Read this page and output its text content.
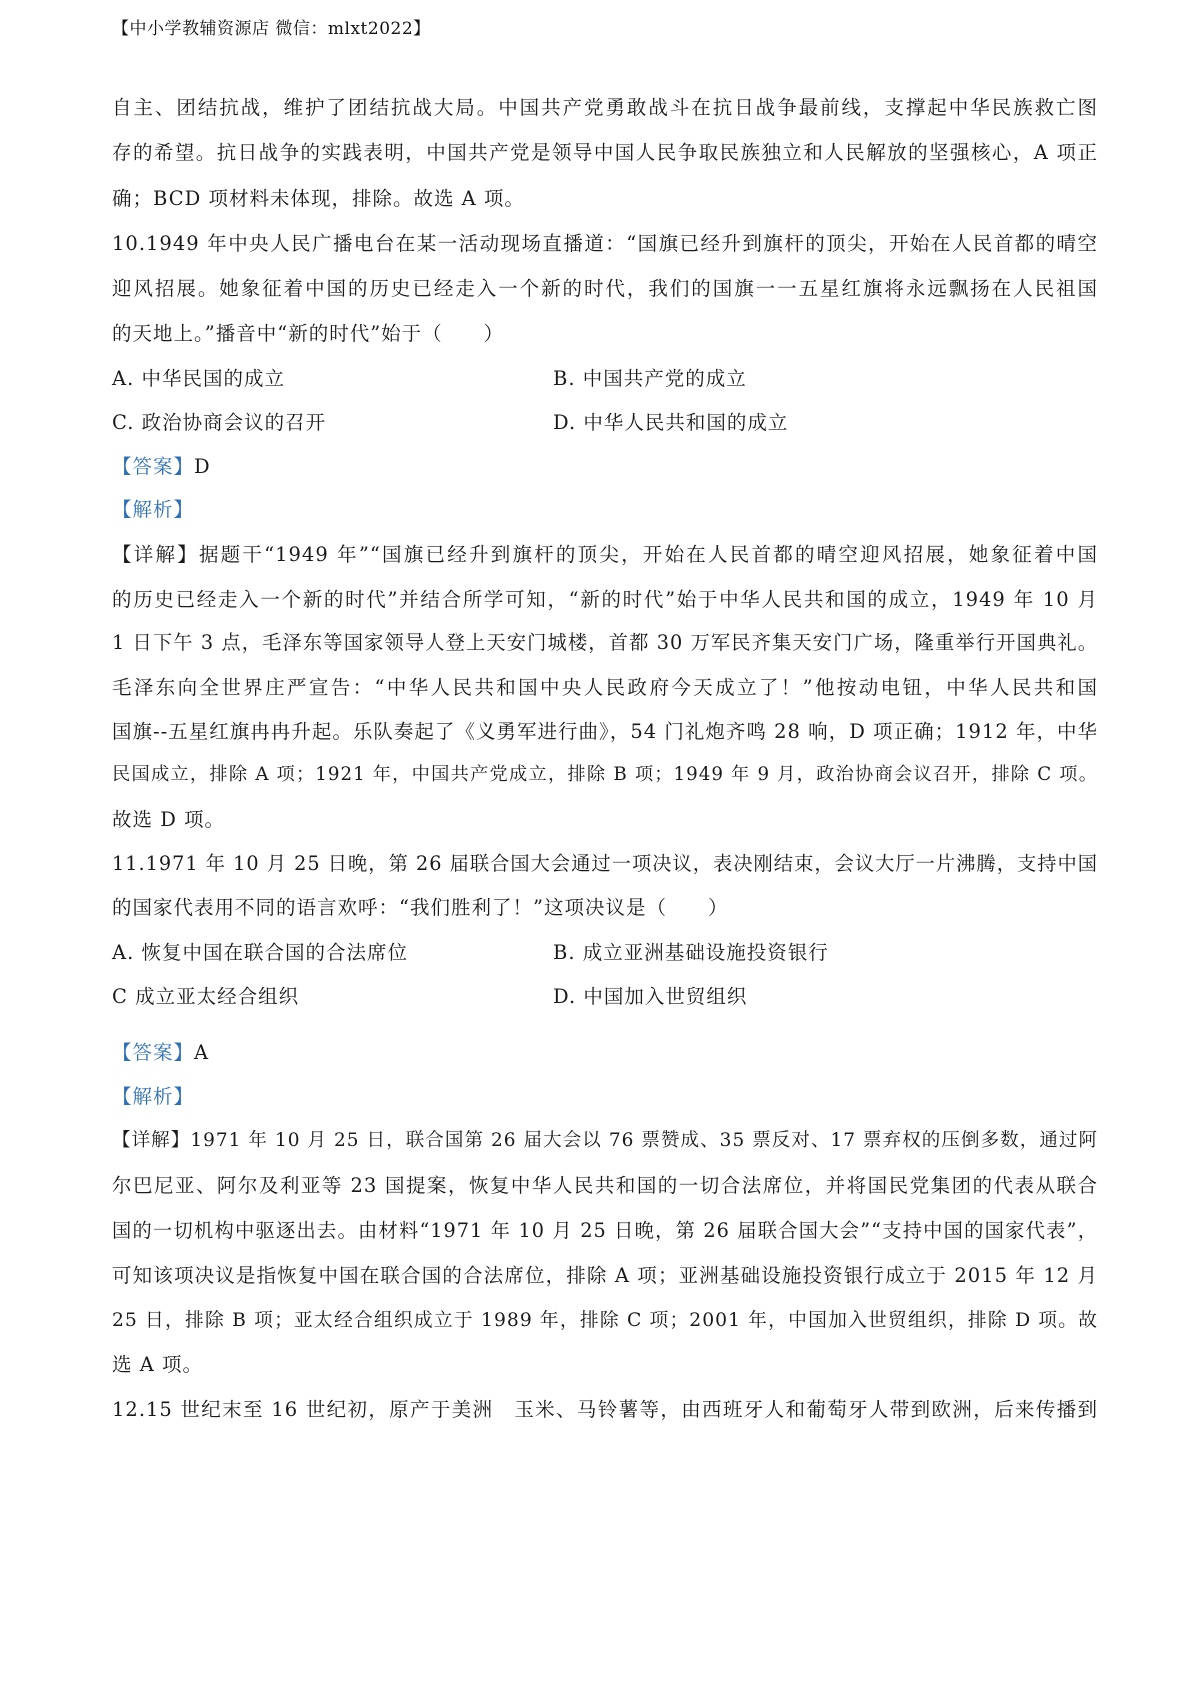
【中小学教辅资源店 微信：mlxt2022】
自主、团结抗战，维护了团结抗战大局。中国共产党勇敢战斗在抗日战争最前线，支撑起中华民族救亡图
存的希望。抗日战争的实践表明，中国共产党是领导中国人民争取民族独立和人民解放的坚强核心，A 项正
确；BCD 项材料未体现，排除。故选 A 项。
10.1949 年中央人民广播电台在某一活动现场直播道：“国旗已经升到旗杆的顶尖，开始在人民首都的晴空
迎风招展。她象征着中国的历史已经走入一个新的时代，我们的国旗一一五星红旗将永远飘扬在人民祖国
的天地上。”播音中“新的时代”始于（　　）
A. 中华民国的成立	B. 中国共产党的成立
C. 政治协商会议的召开	D. 中华人民共和国的成立
【答案】D
【解析】
【详解】据题干“1949 年”“国旗已经升到旗杆的顶尖，开始在人民首都的晴空迎风招展，她象征着中国
的历史已经走入一个新的时代”并结合所学可知，“新的时代”始于中华人民共和国的成立，1949 年 10 月
1 日下午 3 点，毛泽东等国家领导人登上天安门城楼，首都 30 万军民齐集天安门广场，隆重举行开国典礼。
毛泽东向全世界庄严宣告：“中华人民共和国中央人民政府今天成立了！”他按动电钮，中华人民共和国
国旗--五星红旗冉冉升起。乐队奏起了《义勇军进行曲》，54 门礼炮齐鸣 28 响，D 项正确；1912 年，中华
民国成立，排除 A 项；1921 年，中国共产党成立，排除 B 项；1949 年 9 月，政治协商会议召开，排除 C 项。
故选 D 项。
11.1971 年 10 月 25 日晚，第 26 届联合国大会通过一项决议，表决刚结束，会议大厅一片沸腾，支持中国
的国家代表用不同的语言欢呼：“我们胜利了！”这项决议是（　　）
A. 恢复中国在联合国的合法席位	B. 成立亚洲基础设施投资银行
C 成立亚太经合组织	D. 中国加入世贸组织
【答案】A
【解析】
【详解】1971 年 10 月 25 日，联合国第 26 届大会以 76 票赞成、35 票反对、17 票弃权的压倒多数，通过阿
尔巴尼亚、阿尔及利亚等 23 国提案，恢复中华人民共和国的一切合法席位，并将国民党集团的代表从联合
国的一切机构中驱逐出去。由材料“1971 年 10 月 25 日晚，第 26 届联合国大会”“支持中国的国家代表”，
可知该项决议是指恢复中国在联合国的合法席位，排除 A 项；亚洲基础设施投资银行成立于 2015 年 12 月
25 日，排除 B 项；亚太经合组织成立于 1989 年，排除 C 项；2001 年，中国加入世贸组织，排除 D 项。故
选 A 项。
12.15 世纪末至 16 世纪初，原产于美洲　玉米、马铃薯等，由西班牙人和葡萄牙人带到欧洲，后来传播到
